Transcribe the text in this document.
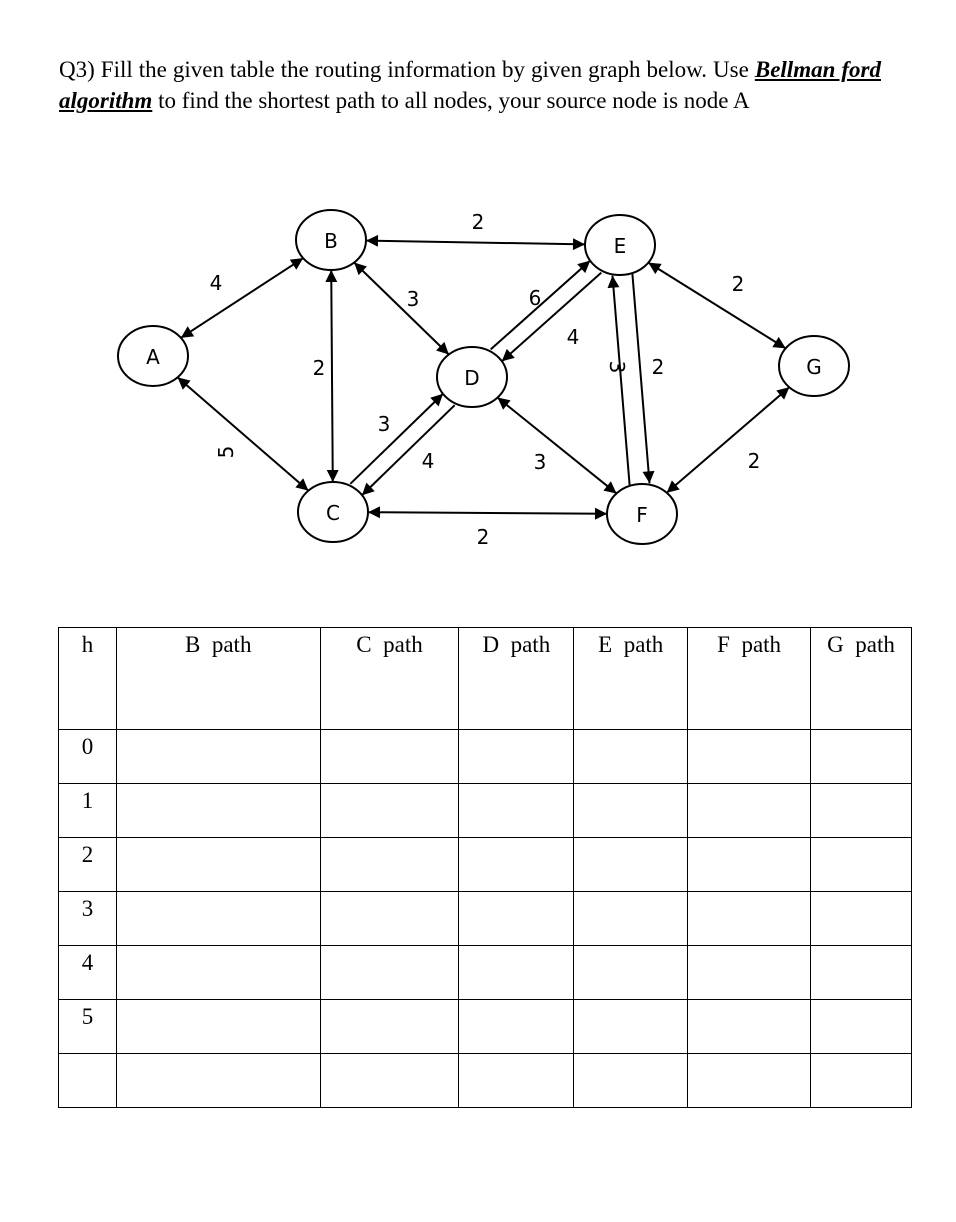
Q3) Fill the given table the routing information by given graph below. Use Bellman ford algorithm to find the shortest path to all nodes, your source node is node A
A
B
C
D
E
F
G
4
5
2
2
3
3
4
6
4
3
2
3 2
2
2
h	B  path	C  path	D  path	E  path	F  path	G  path
0						
1						
2						
3						
4						
5						
